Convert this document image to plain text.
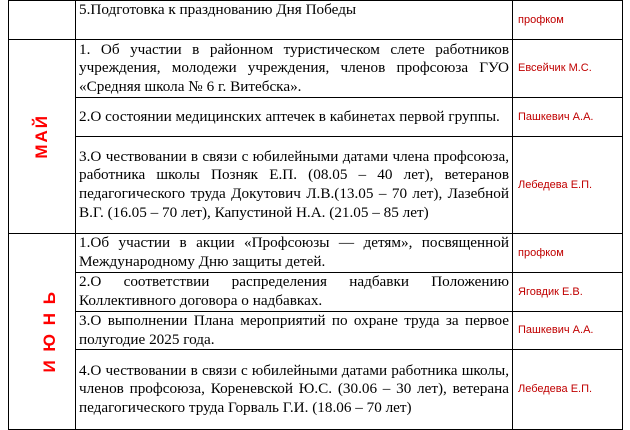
	5.Подготовка к празднованию Дня Победы	профком
МАЙ	1. Об участии в районном туристическом слете работников учреждения, молодежи учреждения, членов профсоюза ГУО «Средняя школа № 6 г. Витебска».	Евсейчик М.С.
	2.О состоянии медицинских аптечек в кабинетах первой группы.	Пашкевич А.А.
	3.О чествовании в связи с юбилейными датами члена профсоюза, работника школы Позняк Е.П. (08.05 – 40 лет), ветеранов педагогического труда Докутович Л.В.(13.05 – 70 лет), Лазебной В.Г. (16.05 – 70 лет), Капустиной Н.А. (21.05 – 85 лет)	Лебедева Е.П.
И Ю Н Ь	1.Об участии в акции «Профсоюзы — детям», посвященной Международному Дню защиты детей.	профком
	2.О соответствии распределения надбавки Положению Коллективного договора о надбавках.	Яговдик Е.В.
	3.О выполнении Плана мероприятий по охране труда за первое полугодие 2025 года.	Пашкевич А.А.
	4.О чествовании в связи с юбилейными датами работника школы, членов профсоюза, Кореневской Ю.С. (30.06 – 30 лет), ветерана педагогического труда Горваль Г.И. (18.06 – 70 лет)	Лебедева Е.П.
